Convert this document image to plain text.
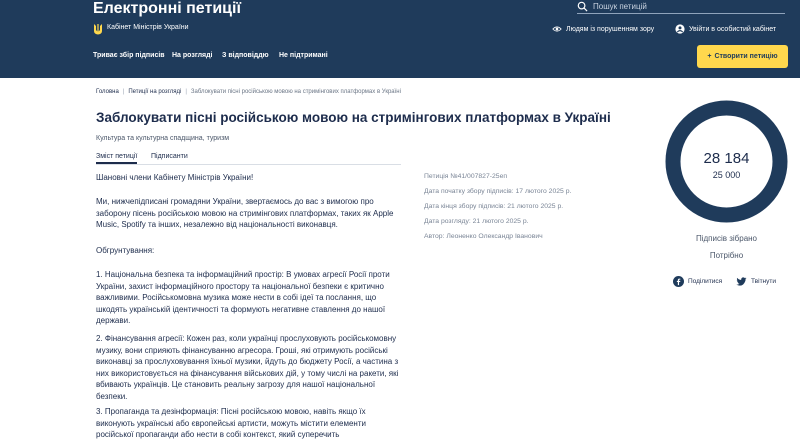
Електронні петиції
Кабінет Міністрів України
Пошук петицій	Людям із порушенням зору	Увійти в особистий кабінет
Триває збір підписів На розгляді З відповіддю Не підтримані	+ Створити петицію
Головна | Петиції на розгляді | Заблокувати пісні російською мовою на стримінгових платформах в Україні
Заблокувати пісні російською мовою на стримінгових платформах в Україні
Культура та культурна спадщина, туризм
Зміст петиції Підписанти
Шановні члени Кабінету Міністрів України!
Ми, нижчепідписані громадяни України, звертаємось до вас з вимогою про заборону пісень російською мовою на стримінгових платформах, таких як Apple Music, Spotify та інших, незалежно від національності виконавця.
Обгрунтування:
1. Національна безпека та інформаційний простір: В умовах агресії Росії проти України, захист інформаційного простору та національної безпеки є критично важливими. Російськомовна музика може нести в собі ідеї та послання, що шкодять українській ідентичності та формують негативне ставлення до нашої держави.
2. Фінансування агресії: Кожен раз, коли українці прослуховують російськомовну музику, вони сприяють фінансуванню агресора. Гроші, які отримують російські виконавці за прослуховування їхньої музики, йдуть до бюджету Росії, а частина з них використовується на фінансування військових дій, у тому числі на ракети, які вбивають українців. Це становить реальну загрозу для нашої національної безпеки.
3. Пропаганда та дезінформація: Пісні російською мовою, навіть якщо їх виконують українські або європейські артисти, можуть містити елементи російської пропаганди або нести в собі контекст, який суперечить
Петиція №41/007827-25еп
Дата початку збору підписів: 17 лютого 2025 р.
Дата кінця збору підписів: 21 лютого 2025 р.
Дата розгляду: 21 лютого 2025 р.
Автор: Леоненко Олександр Іванович
28 184
25 000
Підписів зібрано
Потрібно
Поділитися	Твітнути
